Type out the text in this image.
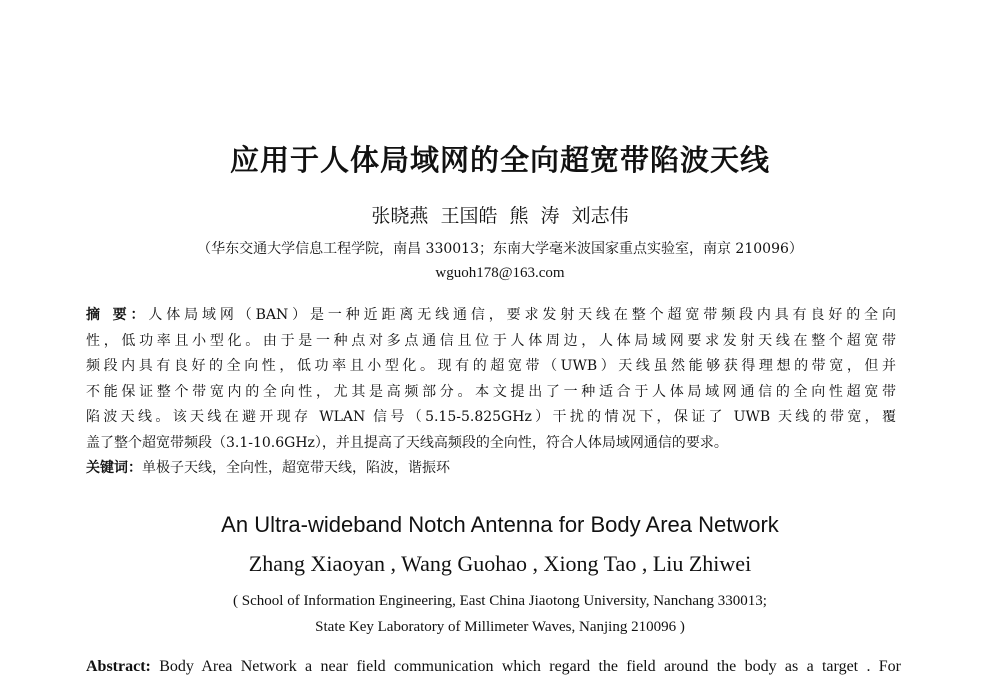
应用于人体局域网的全向超宽带陷波天线
张晓燕 王国皓 熊 涛 刘志伟
（华东交通大学信息工程学院，南昌 330013；东南大学毫米波国家重点实验室，南京 210096）
wguoh178@163.com
摘 要：人体局域网（BAN）是一种近距离无线通信，要求发射天线在整个超宽带频段内具有良好的全向
性，低功率且小型化。由于是一种点对多点通信且位于人体周边，人体局域网要求发射天线在整个超宽带
频段内具有良好的全向性，低功率且小型化。现有的超宽带（UWB）天线虽然能够获得理想的带宽，但并
不能保证整个带宽内的全向性，尤其是高频部分。本文提出了一种适合于人体局域网通信的全向性超宽带
陷波天线。该天线在避开现存 WLAN 信号（5.15-5.825GHz）干扰的情况下，保证了 UWB 天线的带宽，覆
盖了整个超宽带频段（3.1-10.6GHz），并且提高了天线高频段的全向性，符合人体局域网通信的要求。
关键词：单极子天线，全向性，超宽带天线，陷波，谐振环
An Ultra-wideband Notch Antenna for Body Area Network
Zhang Xiaoyan , Wang Guohao , Xiong Tao , Liu Zhiwei
( School of Information Engineering, East China Jiaotong University, Nanchang 330013;
State Key Laboratory of Millimeter Waves, Nanjing 210096 )
Abstract: Body Area Network a near field communication which regard the field around the body as a target . For
